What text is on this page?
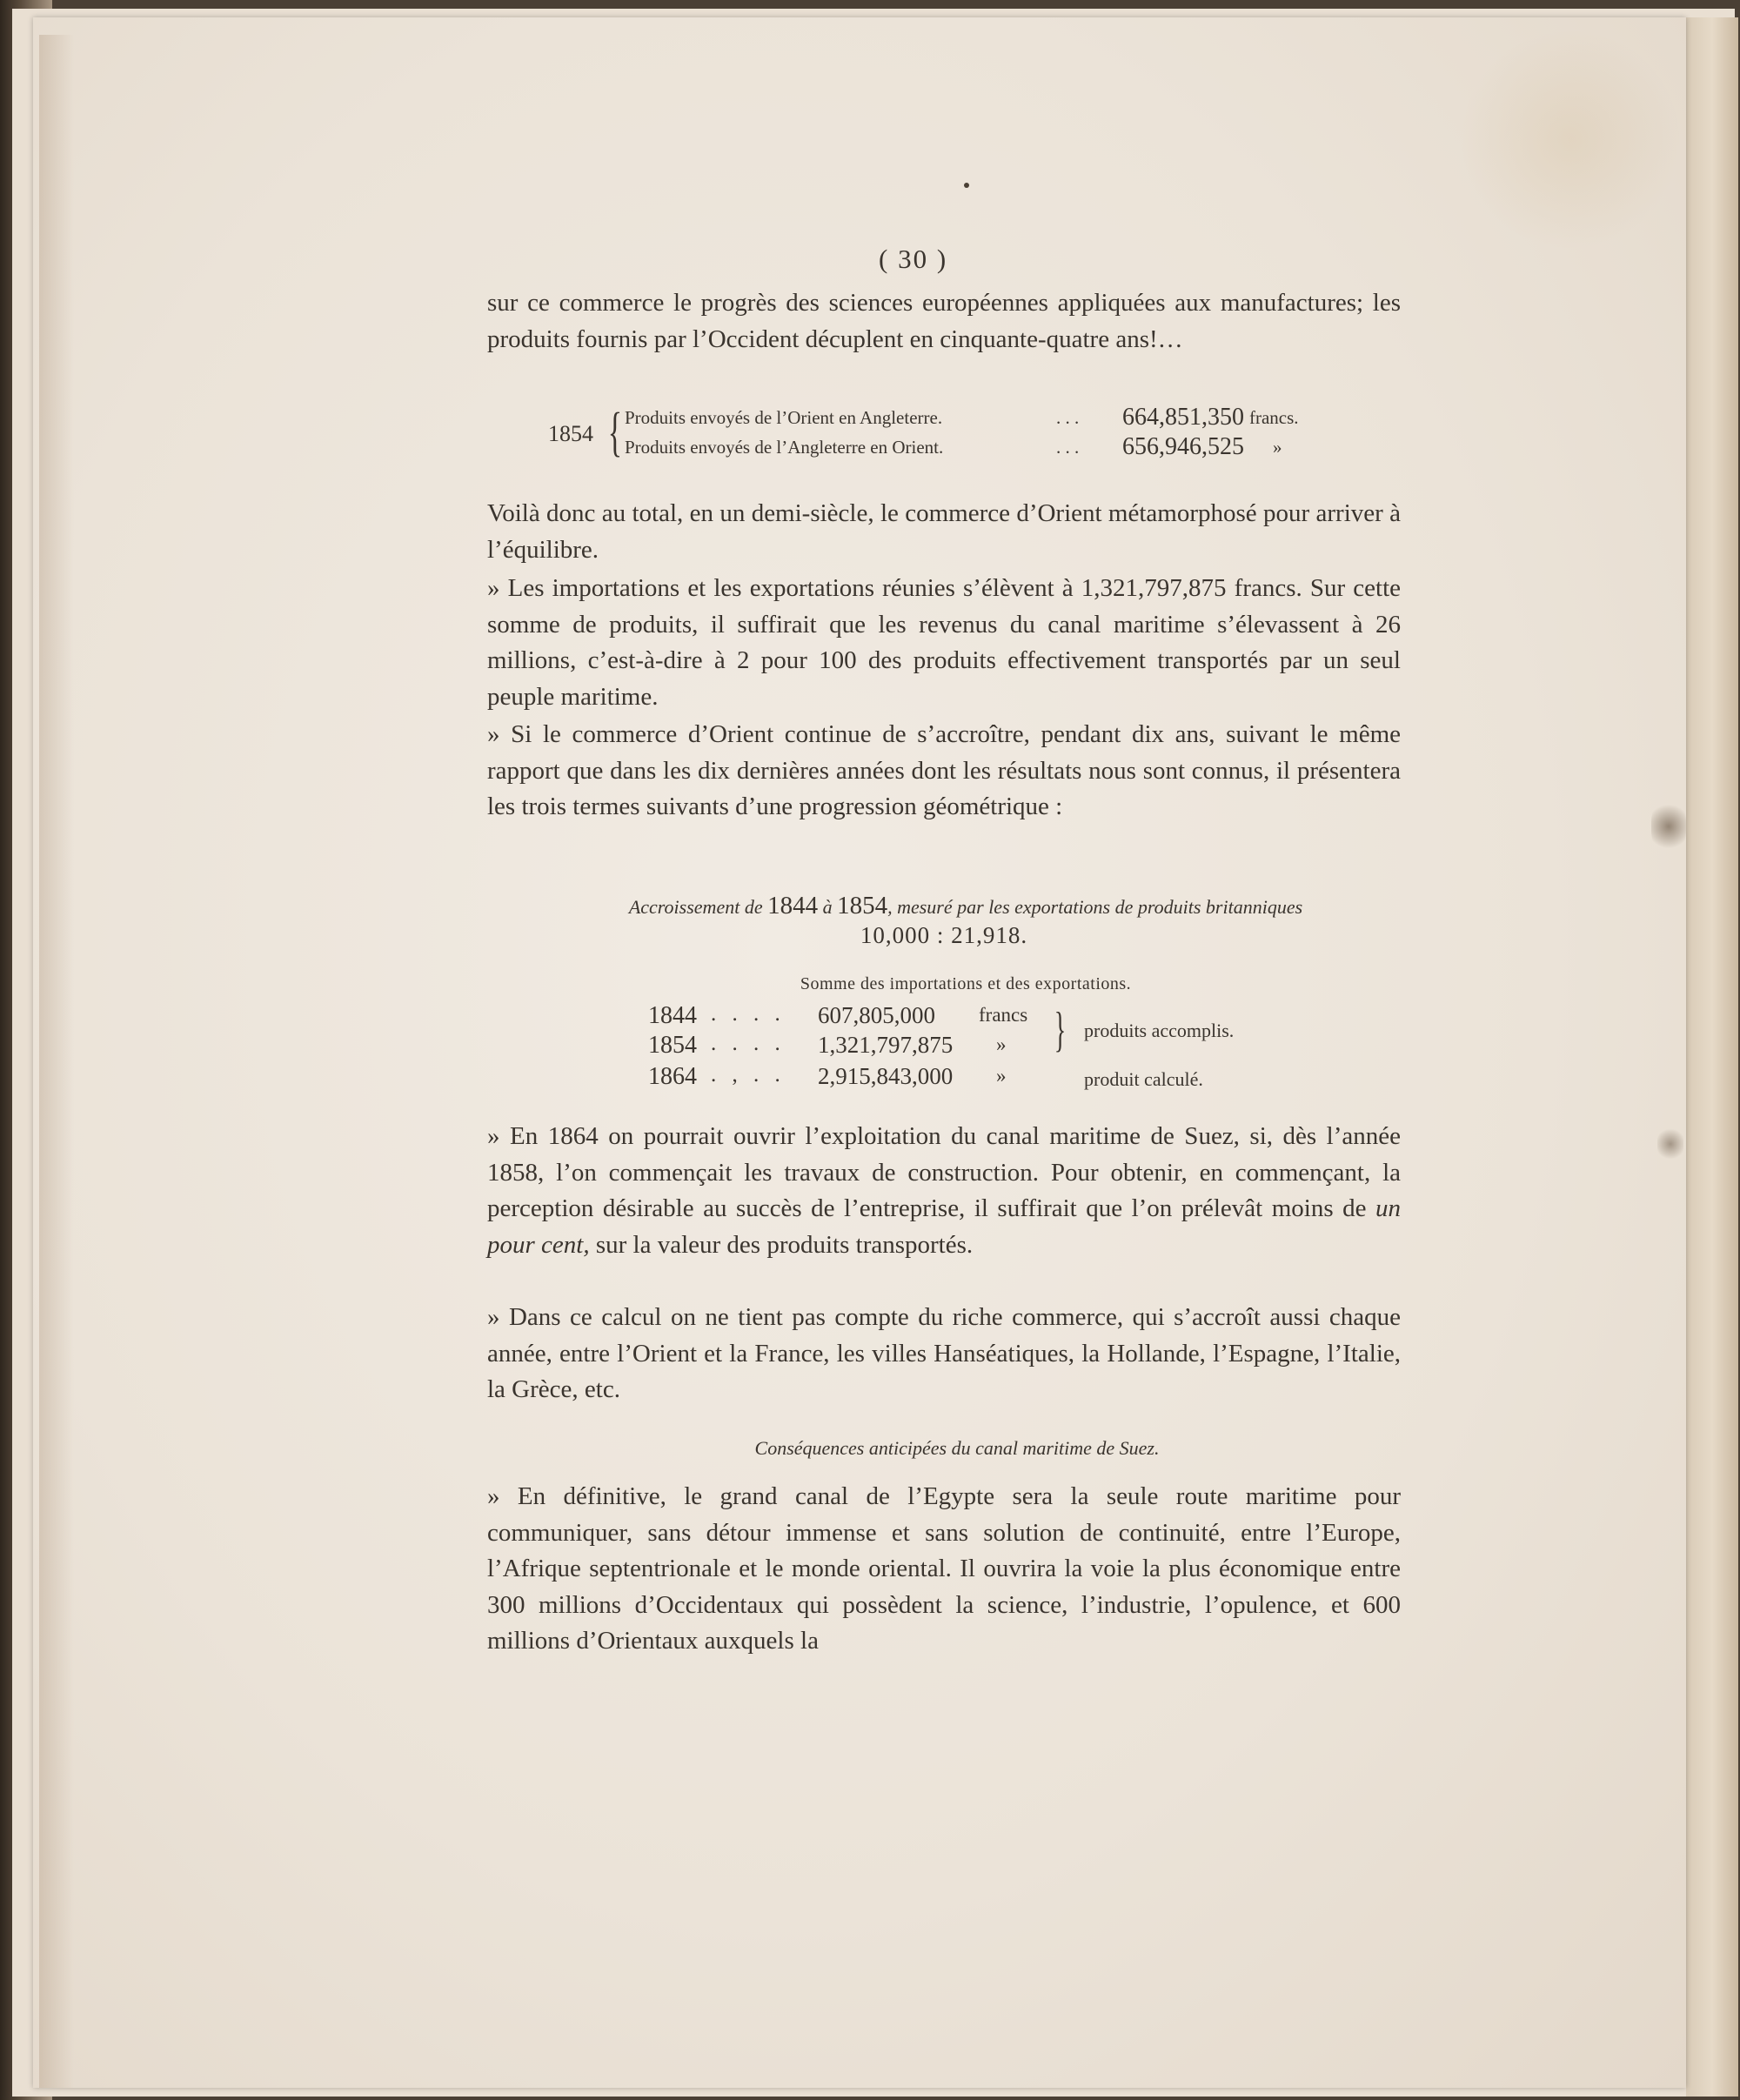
( 30 )

sur ce commerce le progrès des sciences européennes appliquées aux manufactures; les produits fournis par l’Occident décuplent en cinquante-quatre ans!…

1854 { Produits envoyés de l’Orient en Angleterre.	. . . 664,851,350 francs.
Produits envoyés de l’Angleterre en Orient.	. . . 656,946,525 »

Voilà donc au total, en un demi-siècle, le commerce d’Orient métamorphosé pour arriver à l’équilibre.

» Les importations et les exportations réunies s’élèvent à 1,321,797,875 francs. Sur cette somme de produits, il suffirait que les revenus du canal maritime s’élevassent à 26 millions, c’est-à-dire à 2 pour 100 des produits effectivement transportés par un seul peuple maritime.

» Si le commerce d’Orient continue de s’accroître, pendant dix ans, suivant le même rapport que dans les dix dernières années dont les résultats nous sont connus, il présentera les trois termes suivants d’une progression géométrique :

Accroissement de 1844 à 1854, mesuré par les exportations de produits britanniques
10,000 : 21,918.
Somme des importations et des exportations.
1844 . . . . 607,805,000 francs
1854 . . . . 1,321,797,875 »
1864 . , . . 2,915,843,000 »
} produits accomplis.
produit calculé.

» En 1864 on pourrait ouvrir l’exploitation du canal maritime de Suez, si, dès l’année 1858, l’on commençait les travaux de construction. Pour obtenir, en commençant, la perception désirable au succès de l’entreprise, il suffirait que l’on prélevât moins de un pour cent, sur la valeur des produits transportés.

» Dans ce calcul on ne tient pas compte du riche commerce, qui s’accroît aussi chaque année, entre l’Orient et la France, les villes Hanséatiques, la Hollande, l’Espagne, l’Italie, la Grèce, etc.

Conséquences anticipées du canal maritime de Suez.

» En définitive, le grand canal de l’Egypte sera la seule route maritime pour communiquer, sans détour immense et sans solution de continuité, entre l’Europe, l’Afrique septentrionale et le monde oriental. Il ouvrira la voie la plus économique entre 300 millions d’Occidentaux qui possèdent la science, l’industrie, l’opulence, et 600 millions d’Orientaux auxquels la
